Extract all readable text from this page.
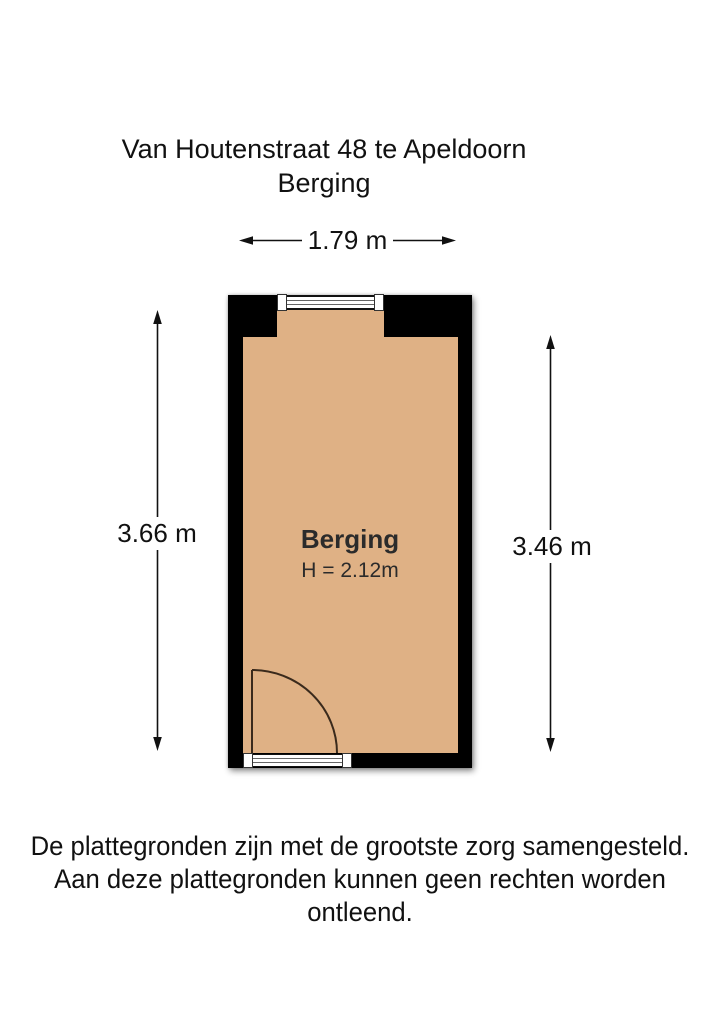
Van Houtenstraat 48 te Apeldoorn
Berging
1.79 m
3.66 m	3.46 m
Berging
H = 2.12m
De plattegronden zijn met de grootste zorg samengesteld.
Aan deze plattegronden kunnen geen rechten worden ontleend.
